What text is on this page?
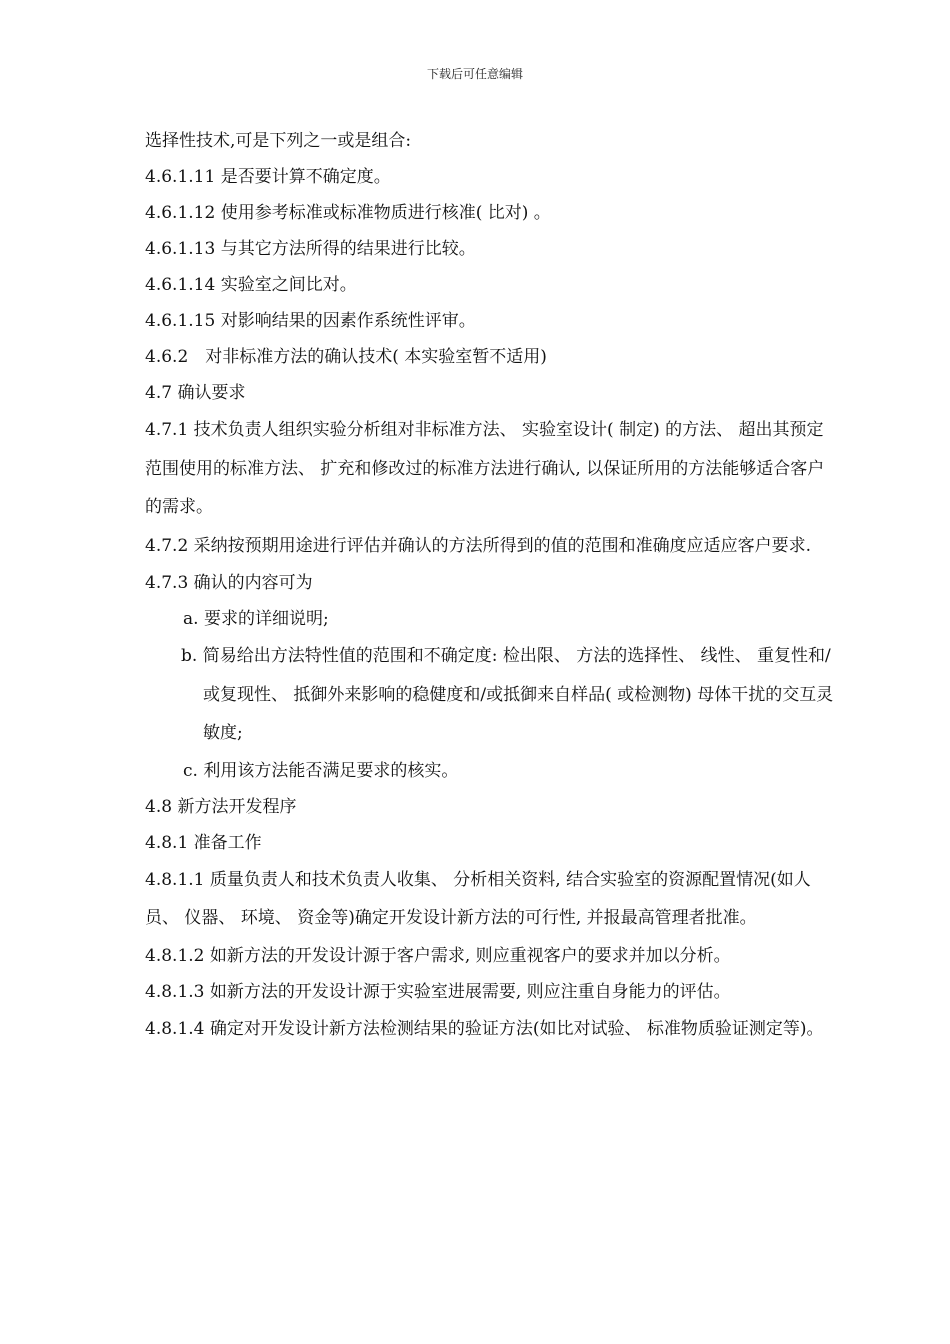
下载后可任意编辑
选择性技术,可是下列之一或是组合:
4.6.1.11 是否要计算不确定度。
4.6.1.12 使用参考标准或标准物质进行核准( 比对) 。
4.6.1.13 与其它方法所得的结果进行比较。
4.6.1.14 实验室之间比对。
4.6.1.15 对影响结果的因素作系统性评审。
4.6.2　对非标准方法的确认技术( 本实验室暂不适用)
4.7 确认要求
4.7.1 技术负责人组织实验分析组对非标准方法、 实验室设计( 制定) 的方法、 超出其预定范围使用的标准方法、 扩充和修改过的标准方法进行确认, 以保证所用的方法能够适合客户的需求。
4.7.2 采纳按预期用途进行评估并确认的方法所得到的值的范围和准确度应适应客户要求.
4.7.3 确认的内容可为
a. 要求的详细说明;
b. 简易给出方法特性值的范围和不确定度: 检出限、 方法的选择性、 线性、 重复性和/或复现性、 抵御外来影响的稳健度和/或抵御来自样品( 或检测物) 母体干扰的交互灵敏度;
c. 利用该方法能否满足要求的核实。
4.8 新方法开发程序
4.8.1 准备工作
4.8.1.1 质量负责人和技术负责人收集、 分析相关资料, 结合实验室的资源配置情况(如人员、 仪器、 环境、 资金等)确定开发设计新方法的可行性, 并报最高管理者批准。
4.8.1.2 如新方法的开发设计源于客户需求, 则应重视客户的要求并加以分析。
4.8.1.3 如新方法的开发设计源于实验室进展需要, 则应注重自身能力的评估。
4.8.1.4 确定对开发设计新方法检测结果的验证方法(如比对试验、 标准物质验证测定等)。
